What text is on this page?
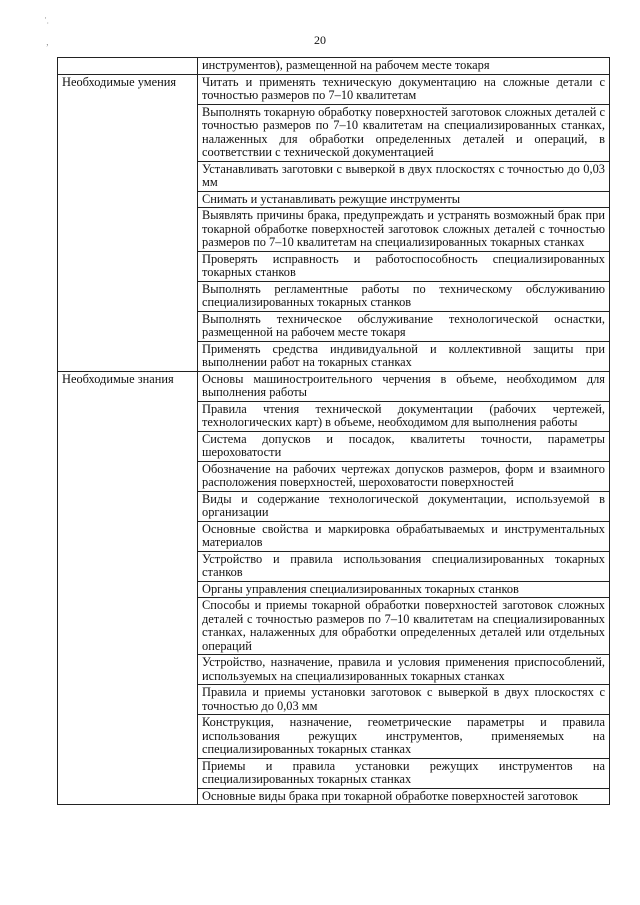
·
˙

,	20
	инструментов), размещенной на рабочем месте токаря
Необходимые умения	Читать и применять техническую документацию на сложные детали с точностью размеров по 7–10 квалитетам
	Выполнять токарную обработку поверхностей заготовок сложных деталей с точностью размеров по 7–10 квалитетам на специализированных станках, налаженных для обработки определенных деталей и операций, в соответствии с технической документацией
	Устанавливать заготовки с выверкой в двух плоскостях с точностью до 0,03 мм
	Снимать и устанавливать режущие инструменты
	Выявлять причины брака, предупреждать и устранять возможный брак при токарной обработке поверхностей заготовок сложных деталей с точностью размеров по 7–10 квалитетам на специализированных токарных станках
	Проверять исправность и работоспособность специализированных токарных станков
	Выполнять регламентные работы по техническому обслуживанию специализированных токарных станков
	Выполнять техническое обслуживание технологической оснастки, размещенной на рабочем месте токаря
	Применять средства индивидуальной и коллективной защиты при выполнении работ на токарных станках
Необходимые знания	Основы машиностроительного черчения в объеме, необходимом для выполнения работы
	Правила чтения технической документации (рабочих чертежей, технологических карт) в объеме, необходимом для выполнения работы
	Система допусков и посадок, квалитеты точности, параметры шероховатости
	Обозначение на рабочих чертежах допусков размеров, форм и взаимного расположения поверхностей, шероховатости поверхностей
	Виды и содержание технологической документации, используемой в организации
	Основные свойства и маркировка обрабатываемых и инструментальных материалов
	Устройство и правила использования специализированных токарных станков
	Органы управления специализированных токарных станков
	Способы и приемы токарной обработки поверхностей заготовок сложных деталей с точностью размеров по 7–10 квалитетам на специализированных станках, налаженных для обработки определенных деталей или отдельных операций
	Устройство, назначение, правила и условия применения приспособлений, используемых на специализированных токарных станках
	Правила и приемы установки заготовок с выверкой в двух плоскостях с точностью до 0,03 мм
	Конструкция, назначение, геометрические параметры и правила использования режущих инструментов, применяемых на специализированных токарных станках
	Приемы и правила установки режущих инструментов на специализированных токарных станках
	Основные виды брака при токарной обработке поверхностей заготовок
